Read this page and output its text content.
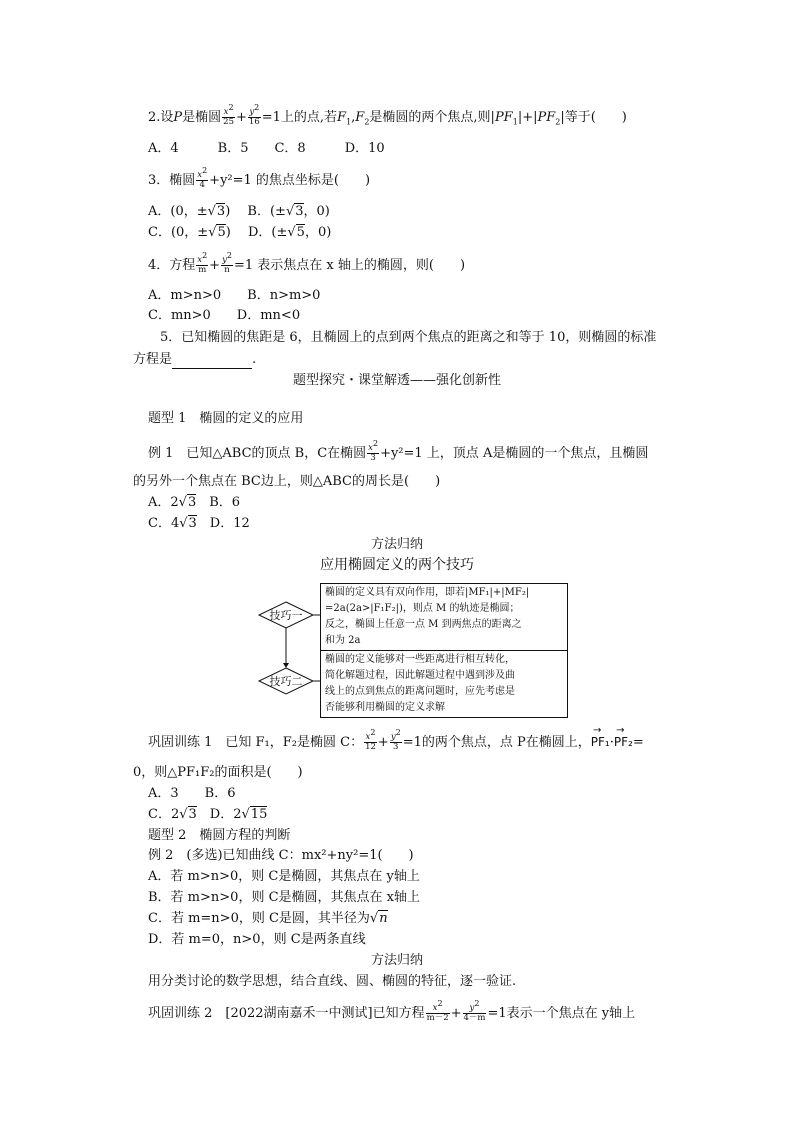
2.设P是椭圆 $\frac{x^2}{25} + \frac{y^2}{16} =1$上的点,若$F_1,F_2$是椭圆的两个焦点,则$|PF_1|+|PF_2|$等于(　　)
A．4　　　B．5　　C．8　　　D．10
3．椭圆 $\frac{x^2}{4} +y^2=1$ 的焦点坐标是(　　)
A．(0，±√3)　 B．(±√3，0)
C．(0，±√5)　 D．(±√5，0)
4．方程 $\frac{x^2}{m} + \frac{y^2}{n} =1$ 表示焦点在 x 轴上的椭圆，则(　　)
A．m>n>0　　B．n>m>0
C．mn>0　　D．mn<0
5．已知椭圆的焦距是 6，且椭圆上的点到两个焦点的距离之和等于 10，则椭圆的标准
方程是	.
题型探究・课堂解透——强化创新性
题型 1　椭圆的定义的应用
例 1　已知△ABC的顶点 B，C在椭圆 $\frac{x^2}{3} +y^2=1$ 上，顶点 A是椭圆的一个焦点，且椭圆
的另外一个焦点在 BC边上，则△ABC的周长是(　　)
A．2√3　B．6
C．4√3　D．12
方法归纳
应用椭圆定义的两个技巧
技巧一
技巧二
椭圆的定义具有双向作用，即若|MF₁|+|MF₂|
=2a(2a>|F₁F₂|)，则点 M 的轨迹是椭圆；
反之，椭圆上任意一点 M 到两焦点的距离之
和为 2a
椭圆的定义能够对一些距离进行相互转化，
简化解题过程，因此解题过程中遇到涉及曲
线上的点到焦点的距离问题时，应先考虑是
否能够利用椭圆的定义求解
巩固训练 1　已知 F₁，F₂是椭圆 C： $\frac{x^2}{12} + \frac{y^2}{3} =1$的两个焦点，点 P在椭圆上，→ PF₁·→ PF₂=
0，则△PF₁F₂的面积是(　　)
A．3　　B．6
C．2√3　D．2√15
题型 2　椭圆方程的判断
例 2　(多选)已知曲线 C：mx²+ny²=1(　　)
A．若 m>n>0，则 C是椭圆，其焦点在 y轴上
B．若 m>n>0，则 C是椭圆，其焦点在 x轴上
C．若 m=n>0，则 C是圆，其半径为√n
D．若 m=0，n>0，则 C是两条直线
方法归纳
用分类讨论的数学思想，结合直线、圆、椭圆的特征，逐一验证.
巩固训练 2　[2022湖南嘉禾一中测试]已知方程 $\frac{x^2}{m-2} + \frac{y^2}{4-m} =1$表示一个焦点在 y轴上
